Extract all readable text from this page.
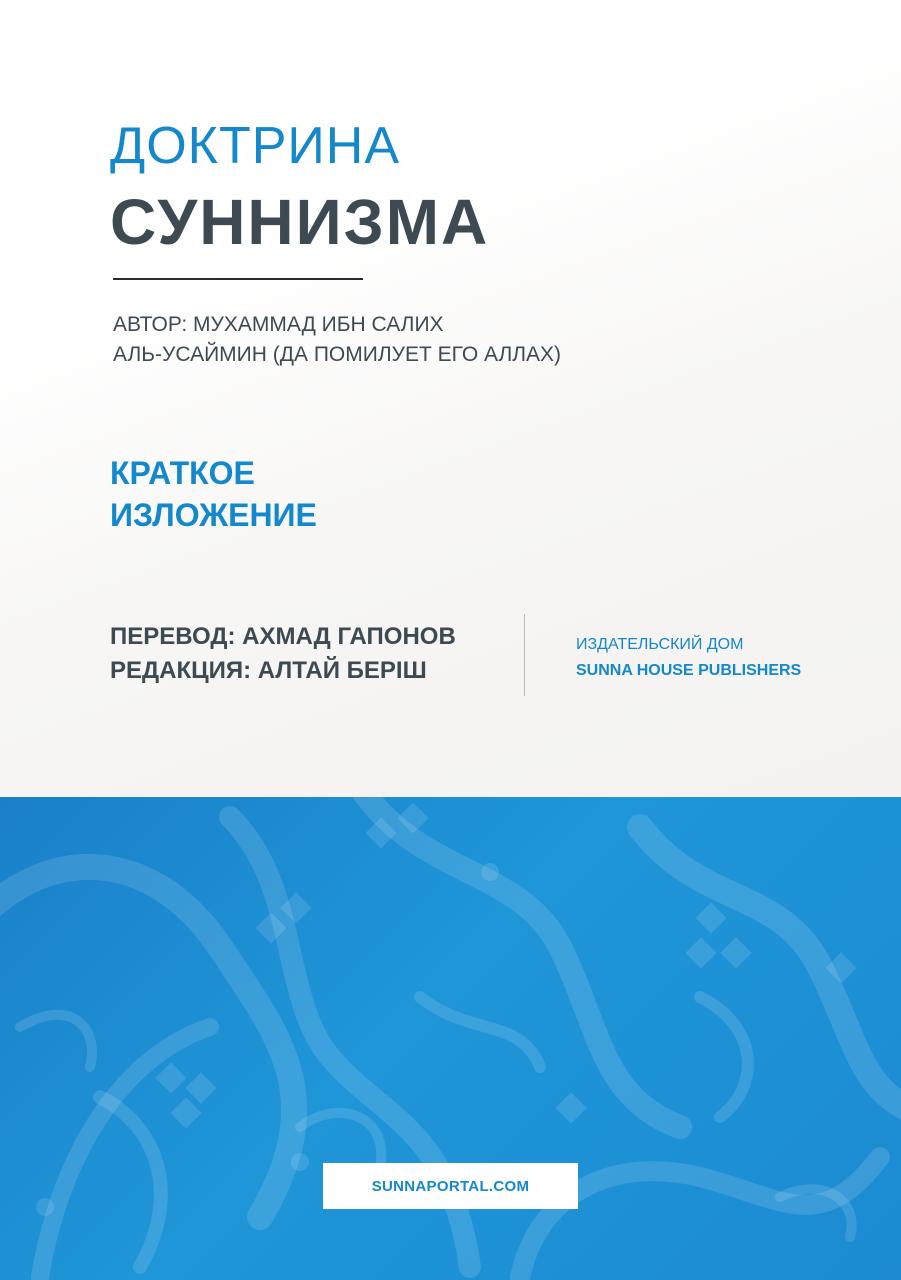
ДОКТРИНА
СУННИЗМА
АВТОР: МУХАММАД ИБН САЛИХ
АЛЬ-УСАЙМИН (ДА ПОМИЛУЕТ ЕГО АЛЛАХ)
КРАТКОЕ
ИЗЛОЖЕНИЕ
ПЕРЕВОД: АХМАД ГАПОНОВ
РЕДАКЦИЯ: АЛТАЙ БЕРІШ
ИЗДАТЕЛЬСКИЙ ДОМ
SUNNA HOUSE PUBLISHERS
SUNNAPORTAL.COM
